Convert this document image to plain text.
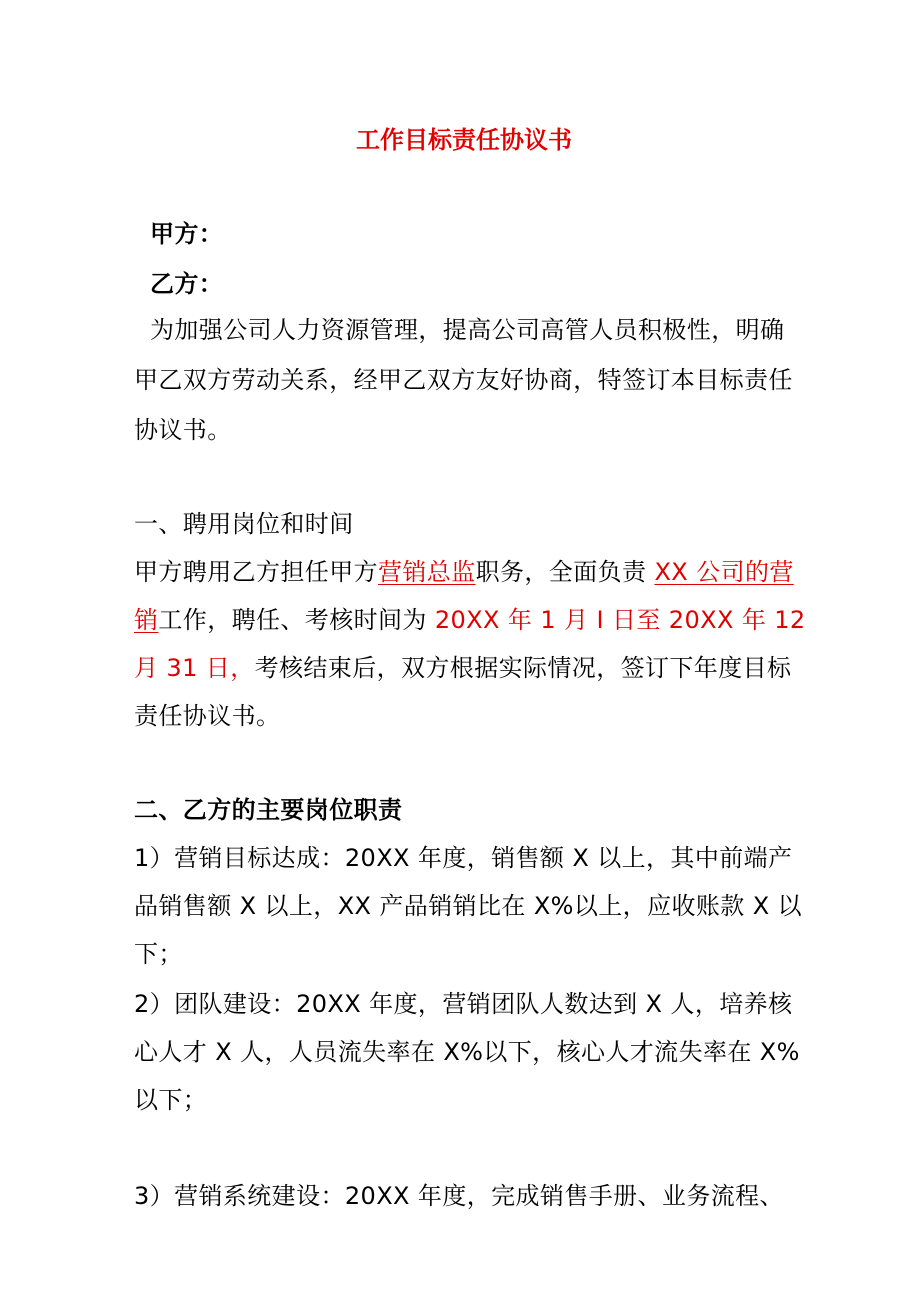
工作目标责任协议书
甲方：
乙方：
为加强公司人力资源管理，提高公司高管人员积极性，明确
甲乙双方劳动关系，经甲乙双方友好协商，特签订本目标责任
协议书。
一、聘用岗位和时间
甲方聘用乙方担任甲方营销总监职务，全面负责 XX 公司的营
销工作，聘任、考核时间为 20XX 年 1 月 I 日至 20XX 年 12
月 31 日，考核结束后，双方根据实际情况，签订下年度目标
责任协议书。
二、乙方的主要岗位职责
1）营销目标达成：20XX 年度，销售额 X 以上，其中前端产
品销售额 X 以上，XX 产品销销比在 X%以上，应收账款 X 以
下；
2）团队建设：20XX 年度，营销团队人数达到 X 人，培养核
心人才 X 人，人员流失率在 X%以下，核心人才流失率在 X%
以下；
3）营销系统建设：20XX 年度，完成销售手册、业务流程、
